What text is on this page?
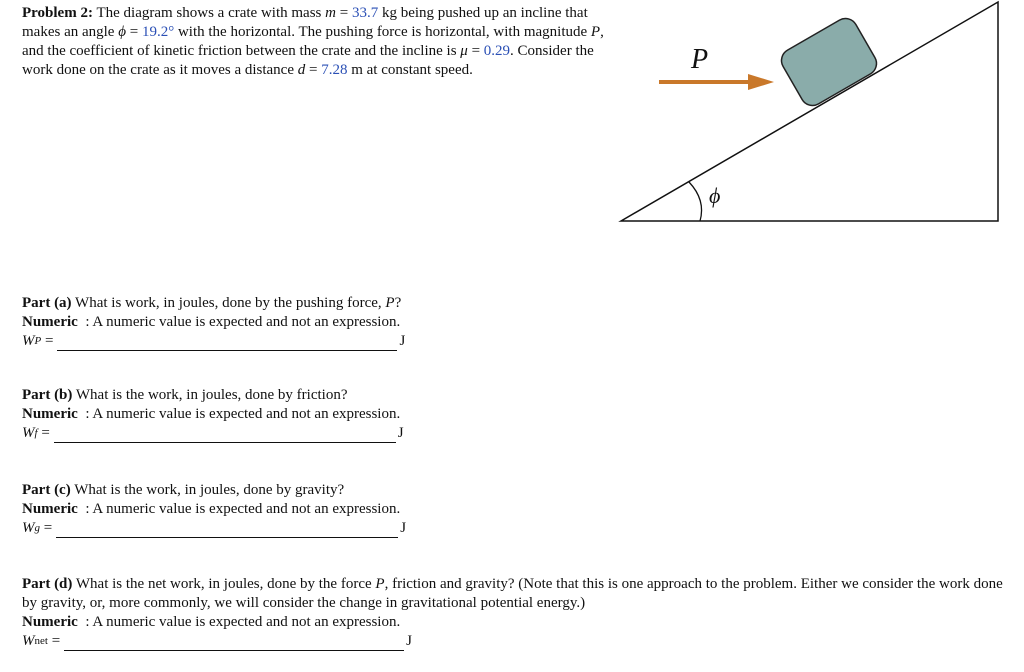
Problem 2: The diagram shows a crate with mass m = 33.7 kg being pushed up an incline that makes an angle ϕ = 19.2° with the horizontal. The pushing force is horizontal, with magnitude P, and the coefficient of kinetic friction between the crate and the incline is μ = 0.29. Consider the work done on the crate as it moves a distance d = 7.28 m at constant speed.
ϕ
P
Part (a) What is work, in joules, done by the pushing force, P?
Numeric : A numeric value is expected and not an expression.
W P
=	J
Part (b) What is the work, in joules, done by friction?
Numeric : A numeric value is expected and not an expression.
W f
=	J
Part (c) What is the work, in joules, done by gravity?
Numeric : A numeric value is expected and not an expression.
W g
=	J
Part (d) What is the net work, in joules, done by the force P, friction and gravity? (Note that this is one approach to the problem. Either we consider the work done by gravity, or, more commonly, we will consider the change in gravitational potential energy.)
Numeric : A numeric value is expected and not an expression.
W net
=	J
